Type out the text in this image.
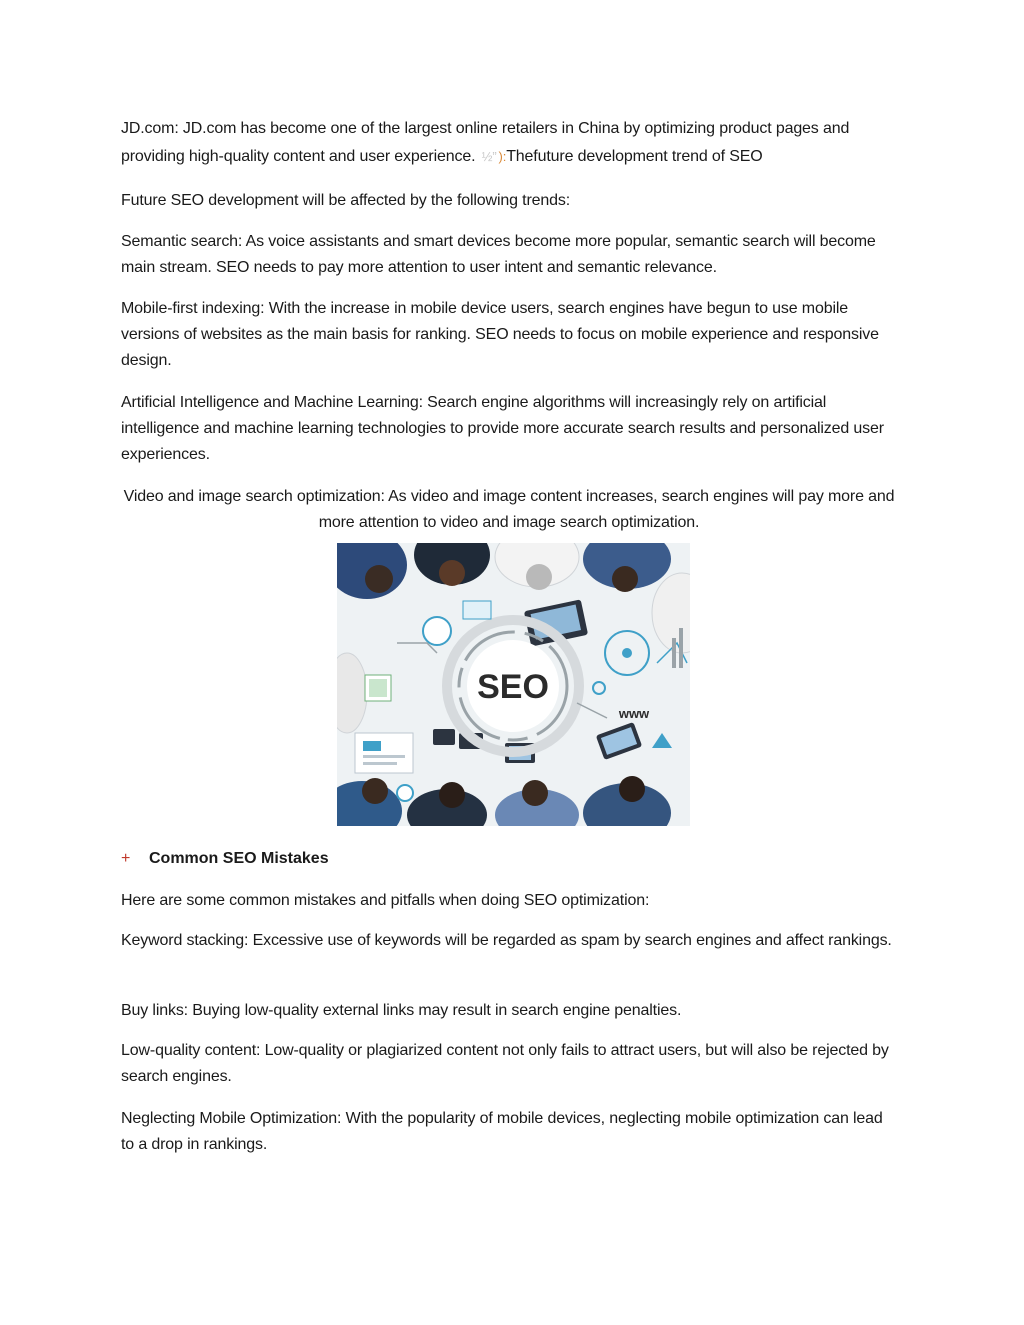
JD.com: JD.com has become one of the largest online retailers in China by optimizing product pages and providing high-quality content and user experience. ½” ):Thefuture development trend of SEO

Future SEO development will be affected by the following trends:

Semantic search: As voice assistants and smart devices become more popular, semantic search will become main stream. SEO needs to pay more attention to user intent and semantic relevance.

Mobile-first indexing: With the increase in mobile device users, search engines have begun to use mobile versions of websites as the main basis for ranking. SEO needs to focus on mobile experience and responsive design.

Artificial Intelligence and Machine Learning: Search engine algorithms will increasingly rely on artificial intelligence and machine learning technologies to provide more accurate search results and personalized user experiences.

Video and image search optimization: As video and image content increases, search engines will pay more and more attention to video and image search optimization.

SEO
www
+ Common SEO Mistakes

Here are some common mistakes and pitfalls when doing SEO optimization:

Keyword stacking: Excessive use of keywords will be regarded as spam by search engines and affect rankings.

Buy links: Buying low-quality external links may result in search engine penalties.

Low-quality content: Low-quality or plagiarized content not only fails to attract users, but will also be rejected by search engines.

Neglecting Mobile Optimization: With the popularity of mobile devices, neglecting mobile optimization can lead to a drop in rankings.
